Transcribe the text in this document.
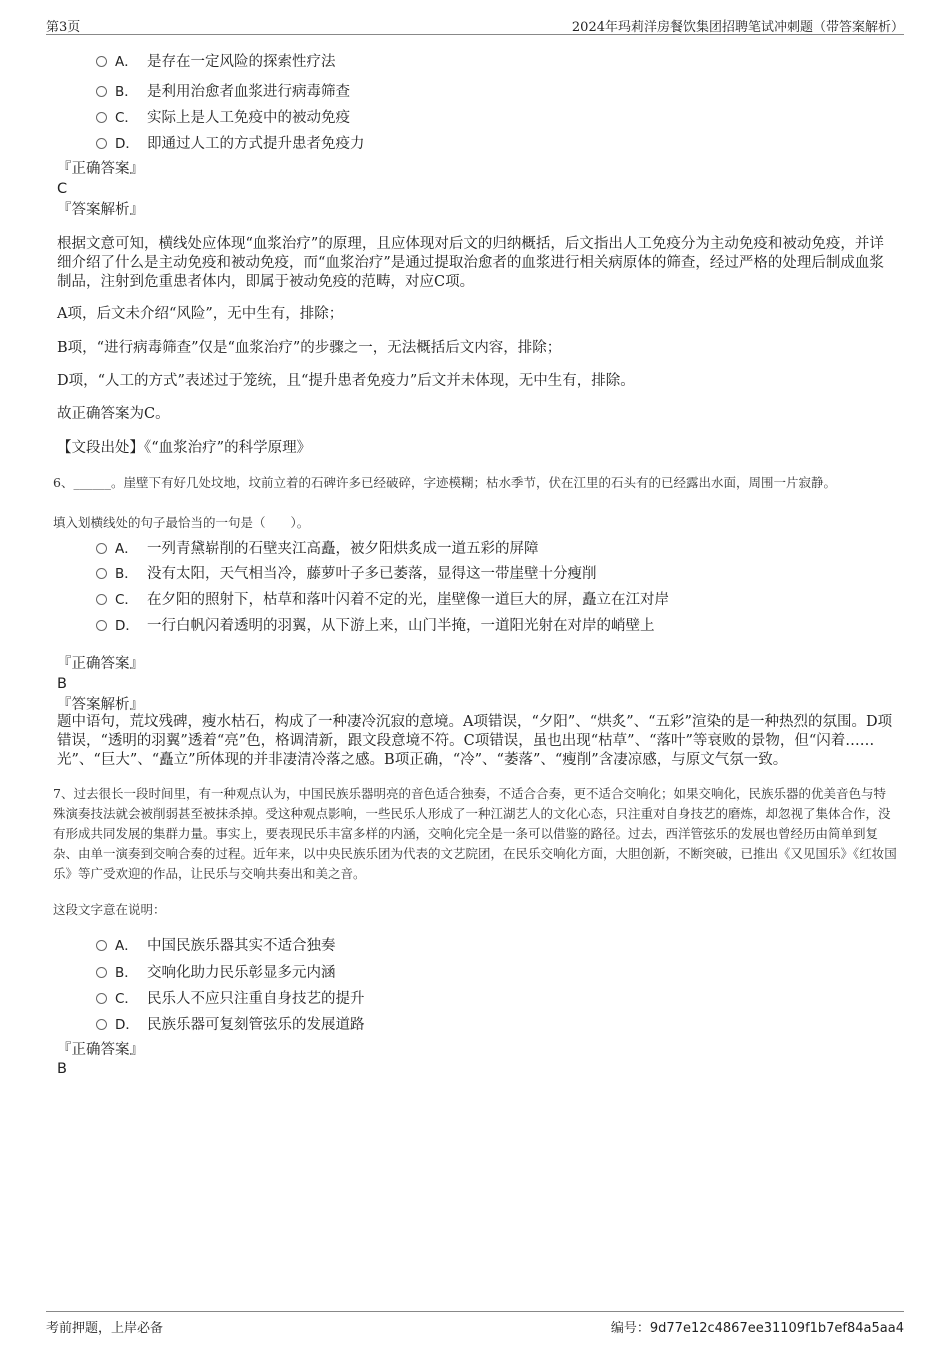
第3页	2024年玛莉洋房餐饮集团招聘笔试冲刺题（带答案解析）
A． 是存在一定风险的探索性疗法
B． 是利用治愈者血浆进行病毒筛查
C． 实际上是人工免疫中的被动免疫
D． 即通过人工的方式提升患者免疫力
『正确答案』
C
『答案解析』
根据文意可知，横线处应体现“血浆治疗”的原理，且应体现对后文的归纳概括，后文指出人工免疫分为主动免疫和被动免疫，并详细介绍了什么是主动免疫和被动免疫，而“血浆治疗”是通过提取治愈者的血浆进行相关病原体的筛查，经过严格的处理后制成血浆制品，注射到危重患者体内，即属于被动免疫的范畴，对应C项。
A项，后文未介绍“风险”，无中生有，排除；
B项，“进行病毒筛查”仅是“血浆治疗”的步骤之一，无法概括后文内容，排除；
D项，“人工的方式”表述过于笼统，且“提升患者免疫力”后文并未体现，无中生有，排除。
故正确答案为C。
【文段出处】《“血浆治疗”的科学原理》
6、______。崖壁下有好几处坟地，坟前立着的石碑许多已经破碎，字迹模糊；枯水季节，伏在江里的石头有的已经露出水面，周围一片寂静。
填入划横线处的句子最恰当的一句是（　　）。
A． 一列青黛崭削的石壁夹江高矗，被夕阳烘炙成一道五彩的屏障
B． 没有太阳，天气相当冷，藤萝叶子多已萎落，显得这一带崖壁十分瘦削
C． 在夕阳的照射下，枯草和落叶闪着不定的光，崖壁像一道巨大的屏，矗立在江对岸
D． 一行白帆闪着透明的羽翼，从下游上来，山门半掩，一道阳光射在对岸的峭壁上
『正确答案』
B
『答案解析』
题中语句，荒坟残碑，瘦水枯石，构成了一种凄冷沉寂的意境。A项错误，“夕阳”、“烘炙”、“五彩”渲染的是一种热烈的氛围。D项错误，“透明的羽翼”透着“亮”色，格调清新，跟文段意境不符。C项错误，虽也出现“枯草”、“落叶”等衰败的景物，但“闪着……光”、“巨大”、“矗立”所体现的并非凄清冷落之感。B项正确，“冷”、“萎落”、“瘦削”含凄凉感，与原文气氛一致。
7、过去很长一段时间里，有一种观点认为，中国民族乐器明亮的音色适合独奏，不适合合奏，更不适合交响化；如果交响化，民族乐器的优美音色与特殊演奏技法就会被削弱甚至被抹杀掉。受这种观点影响，一些民乐人形成了一种江湖艺人的文化心态，只注重对自身技艺的磨炼，却忽视了集体合作，没有形成共同发展的集群力量。事实上，要表现民乐丰富多样的内涵，交响化完全是一条可以借鉴的路径。过去，西洋管弦乐的发展也曾经历由简单到复杂、由单一演奏到交响合奏的过程。近年来，以中央民族乐团为代表的文艺院团，在民乐交响化方面，大胆创新，不断突破，已推出《又见国乐》《红妆国乐》等广受欢迎的作品，让民乐与交响共奏出和美之音。
这段文字意在说明：
A． 中国民族乐器其实不适合独奏
B． 交响化助力民乐彰显多元内涵
C． 民乐人不应只注重自身技艺的提升
D． 民族乐器可复刻管弦乐的发展道路
『正确答案』
B
考前押题，上岸必备	编号：9d77e12c4867ee31109f1b7ef84a5aa4
